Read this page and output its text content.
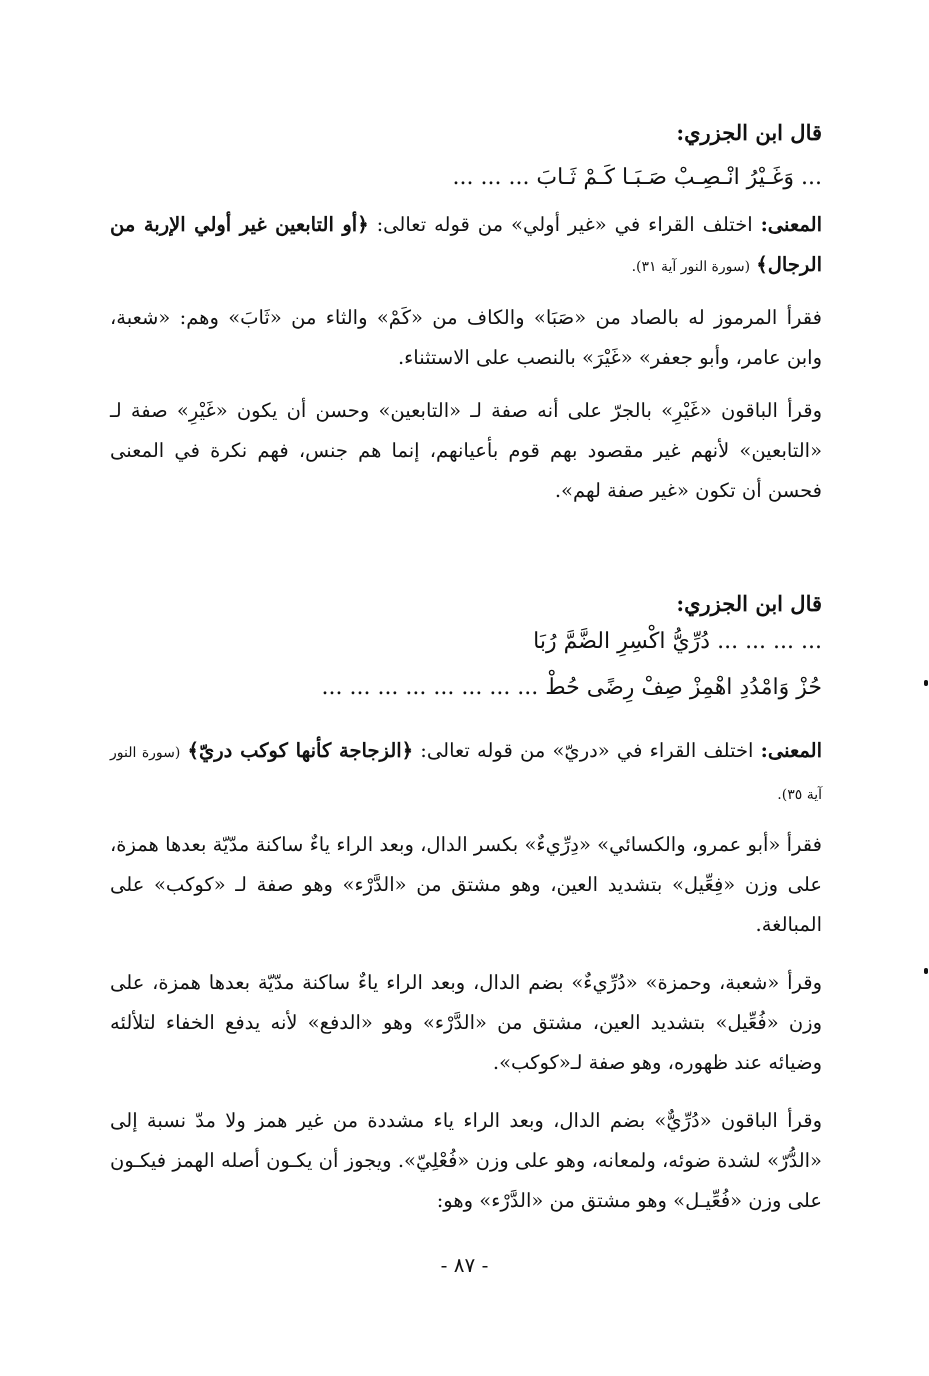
قال ابن الجزري:
... وَغَـيْرُ انْـصِـبْ صَـبَـا كَـمْ ثَـابَ ... ... ...
المعنى: اختلف القراء في «غير أولي» من قوله تعالى: ﴿أو التابعين غير أولي الإربة من الرجال﴾ (سورة النور آية ٣١).
فقرأ المرموز له بالصاد من «صَبَا» والكاف من «كَمْ» والثاء من «ثَابَ» وهم: «شعبة، وابن عامر، وأبو جعفر» «غَيْرَ» بالنصب على الاستثناء.
وقرأ الباقون «غَيْرِ» بالجرّ على أنه صفة لـ «التابعين» وحسن أن يكون «غَيْرِ» صفة لـ «التابعين» لأنهم غير مقصود بهم قوم بأعيانهم، إنما هم جنس، فهم نكرة في المعنى فحسن أن تكون «غير صفة لهم».
قال ابن الجزري:
... ... ... ... دُرِّيُّ اكْسِرِ الضَّمَّ رُبَا
حُزْ وَامْدُدِ اهْمِزْ صِفْ رِضًى حُطْ ... ... ... ... ... ... ... ...
المعنى: اختلف القراء في «دريّ» من قوله تعالى: ﴿الزجاجة كأنها كوكب دريّ﴾ (سورة النور آية ٣٥).
فقرأ «أبو عمرو، والكسائي» «دِرِّيءٌ» بكسر الدال، وبعد الراء ياءٌ ساكنة مدّيّة بعدها همزة، على وزن «فِعِّيل» بتشديد العين، وهو مشتق من «الدَّرْء» وهو صفة لـ «كوكب» على المبالغة.
وقرأ «شعبة، وحمزة» «دُرِّيءٌ» بضم الدال، وبعد الراء ياءٌ ساكنة مدّيّة بعدها همزة، على وزن «فُعِّيل» بتشديد العين، مشتق من «الدَّرْء» وهو «الدفع» لأنه يدفع الخفاء لتلألئه وضيائه عند ظهوره، وهو صفة لـ«كوكب».
وقرأ الباقون «دُرِّيٌّ» بضم الدال، وبعد الراء ياء مشددة من غير همز ولا مدّ نسبة إلى «الدُّرّ» لشدة ضوئه، ولمعانه، وهو على وزن «فُعْلِيّ». ويجوز أن يكـون أصله الهمز فيكـون على وزن «فُعِّيـل» وهو مشتق من «الدَّرْء» وهو:
- ٨٧ -
